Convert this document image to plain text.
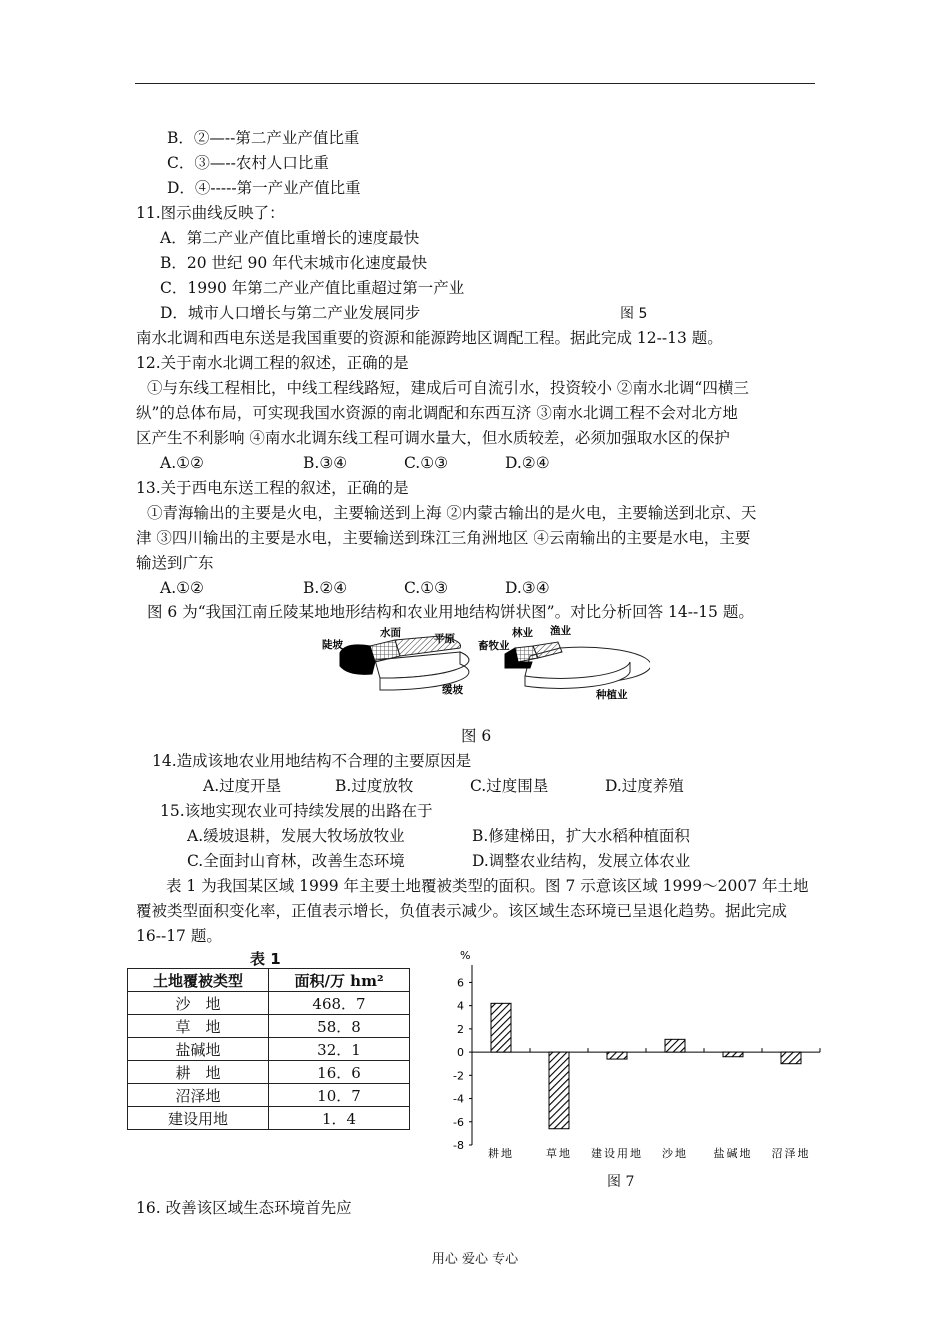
B．②—--第二产业产值比重
C．③—--农村人口比重
D．④-----第一产业产值比重
11.图示曲线反映了：
A．第二产业产值比重增长的速度最快
B．20 世纪 90 年代末城市化速度最快
C．1990 年第二产业产值比重超过第一产业
D．城市人口增长与第二产业发展同步	图 5
南水北调和西电东送是我国重要的资源和能源跨地区调配工程。据此完成 12--13 题。
12.关于南水北调工程的叙述，正确的是
①与东线工程相比，中线工程线路短，建成后可自流引水，投资较小 ②南水北调“四横三
纵”的总体布局，可实现我国水资源的南北调配和东西互济 ③南水北调工程不会对北方地
区产生不利影响 ④南水北调东线工程可调水量大，但水质较差，必须加强取水区的保护
A.①②	B.③④	C.①③	D.②④
13.关于西电东送工程的叙述，正确的是
①青海输出的主要是火电，主要输送到上海 ②内蒙古输出的是火电，主要输送到北京、天
津 ③四川输出的主要是水电，主要输送到珠江三角洲地区 ④云南输出的主要是水电，主要
输送到广东
A.①②	B.②④	C.①③	D.③④
图 6 为“我国江南丘陵某地地形结构和农业用地结构饼状图”。对比分析回答 14--15 题。
陡坡
水面	平原
缓坡
畜牧业
林业 渔业
种植业
图 6
14.造成该地农业用地结构不合理的主要原因是
A.过度开垦	B.过度放牧	C.过度围垦	D.过度养殖
15.该地实现农业可持续发展的出路在于
A.缓坡退耕，发展大牧场放牧业	B.修建梯田，扩大水稻种植面积
C.全面封山育林，改善生态环境	D.调整农业结构，发展立体农业
表 1 为我国某区域 1999 年主要土地覆被类型的面积。图 7 示意该区域 1999～2007 年土地
覆被类型面积变化率，正值表示增长，负值表示减少。该区域生态环境已呈退化趋势。据此完成
16--17 题。
表 1
土地覆被类型	面积/万 hm²
沙　地	468．7
草　地	58．8
盐碱地	32．1
耕　地	16．6
沼泽地	10．7
建设用地	1．4
%
6
4
2
0
-2
-4
-6
-8
耕地	草地 建设用地 沙地 盐碱地 沼泽地
图 7
16. 改善该区域生态环境首先应
用心 爱心 专心
